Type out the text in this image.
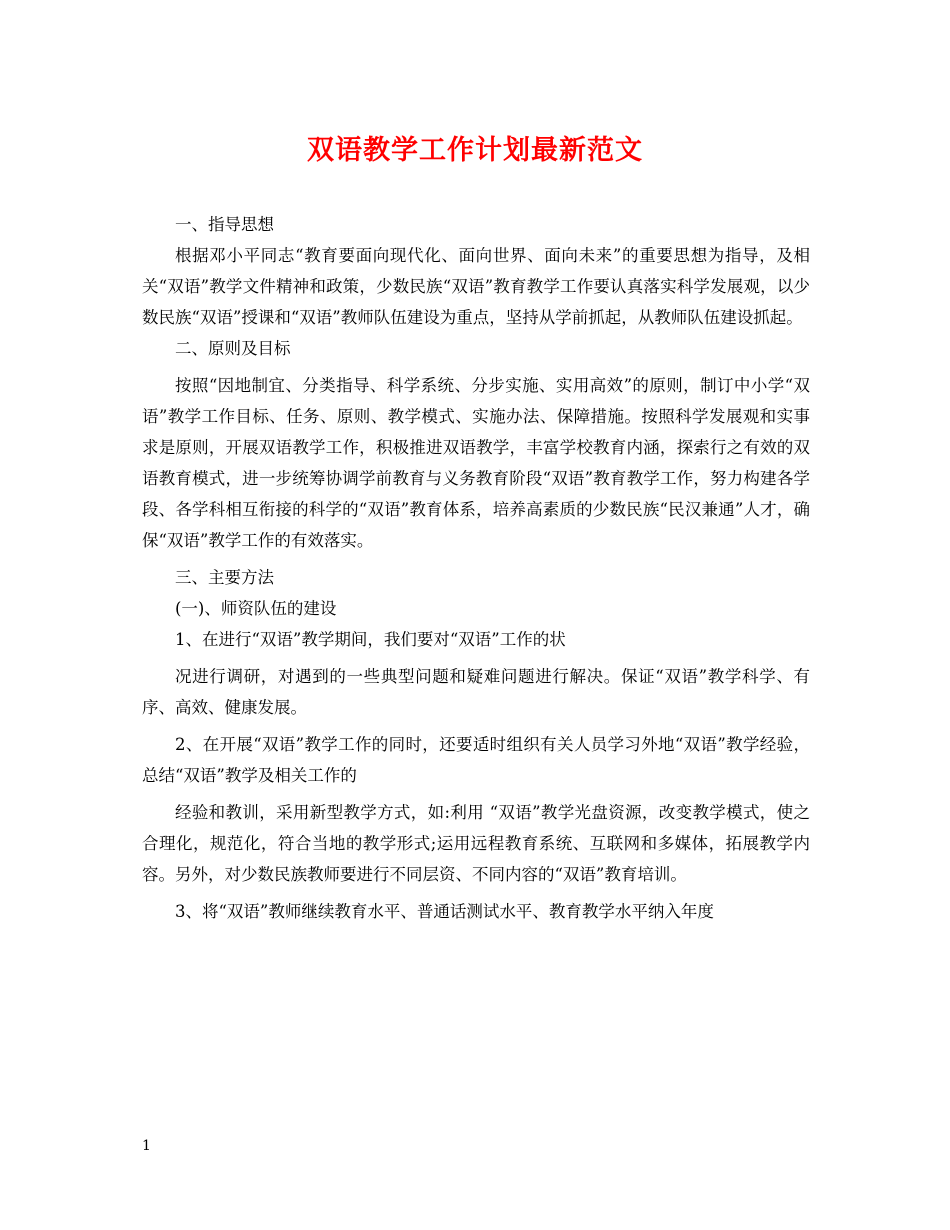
双语教学工作计划最新范文

一、指导思想

根据邓小平同志“教育要面向现代化、面向世界、面向未来”的重要思想为指导，及相关“双语”教学文件精神和政策，少数民族“双语”教育教学工作要认真落实科学发展观，以少数民族“双语”授课和“双语”教师队伍建设为重点，坚持从学前抓起，从教师队伍建设抓起。

二、原则及目标

按照“因地制宜、分类指导、科学系统、分步实施、实用高效”的原则，制订中小学“双语”教学工作目标、任务、原则、教学模式、实施办法、保障措施。按照科学发展观和实事求是原则，开展双语教学工作，积极推进双语教学，丰富学校教育内涵，探索行之有效的双语教育模式，进一步统筹协调学前教育与义务教育阶段“双语”教育教学工作，努力构建各学段、各学科相互衔接的科学的“双语”教育体系，培养高素质的少数民族“民汉兼通”人才，确保“双语”教学工作的有效落实。

三、主要方法

(一)、师资队伍的建设

1、在进行“双语”教学期间，我们要对“双语”工作的状

况进行调研，对遇到的一些典型问题和疑难问题进行解决。保证“双语”教学科学、有序、高效、健康发展。

2、在开展“双语”教学工作的同时，还要适时组织有关人员学习外地“双语”教学经验，总结“双语”教学及相关工作的

经验和教训，采用新型教学方式，如:利用 “双语”教学光盘资源，改变教学模式，使之合理化，规范化，符合当地的教学形式;运用远程教育系统、互联网和多媒体，拓展教学内容。另外，对少数民族教师要进行不同层资、不同内容的“双语”教育培训。

3、将“双语”教师继续教育水平、普通话测试水平、教育教学水平纳入年度

1
